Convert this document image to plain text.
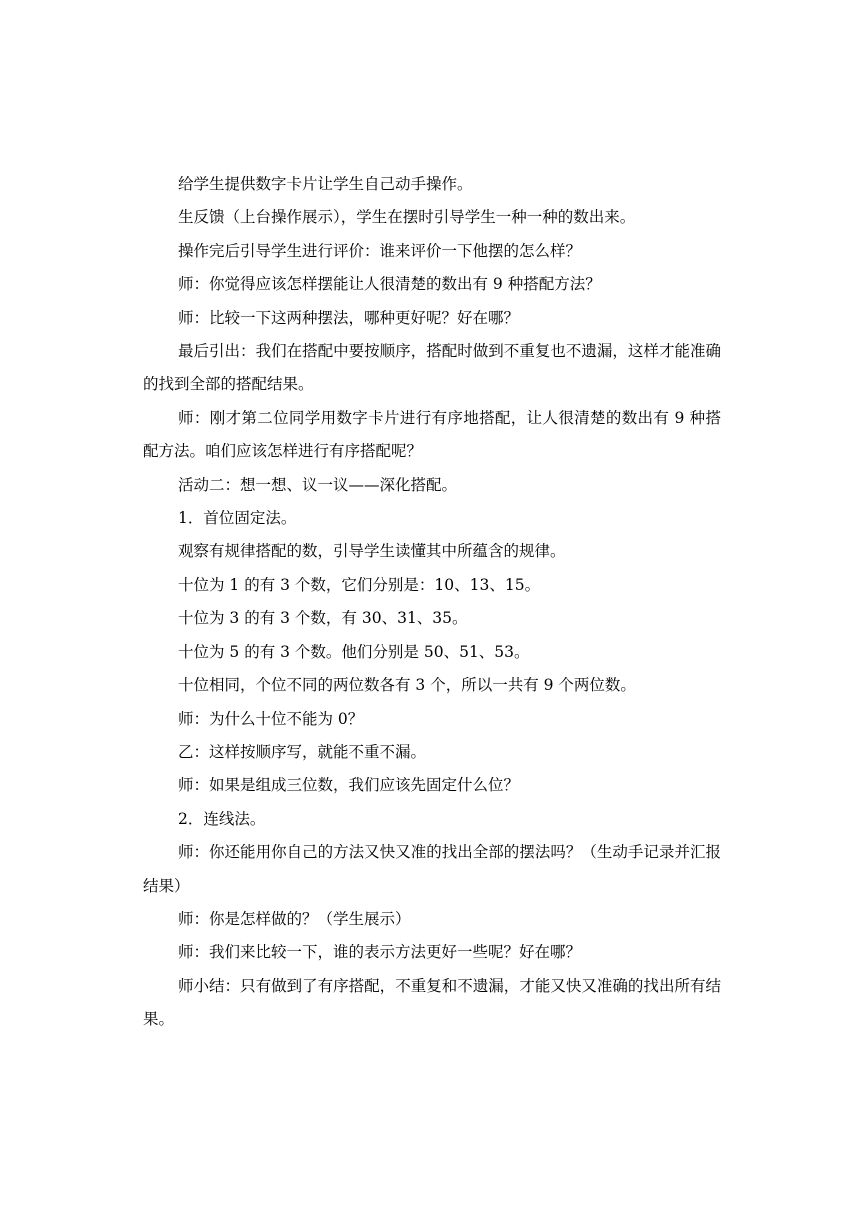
给学生提供数字卡片让学生自己动手操作。

生反馈（上台操作展示），学生在摆时引导学生一种一种的数出来。

操作完后引导学生进行评价：谁来评价一下他摆的怎么样？

师：你觉得应该怎样摆能让人很清楚的数出有 9 种搭配方法？

师：比较一下这两种摆法，哪种更好呢？好在哪？

最后引出：我们在搭配中要按顺序，搭配时做到不重复也不遗漏，这样才能准确的找到全部的搭配结果。

师：刚才第二位同学用数字卡片进行有序地搭配，让人很清楚的数出有 9 种搭配方法。咱们应该怎样进行有序搭配呢？

活动二：想一想、议一议——深化搭配。

1．首位固定法。

观察有规律搭配的数，引导学生读懂其中所蕴含的规律。

十位为 1 的有 3 个数，它们分别是：10、13、15。

十位为 3 的有 3 个数，有 30、31、35。

十位为 5 的有 3 个数。他们分别是 50、51、53。

十位相同，个位不同的两位数各有 3 个，所以一共有 9 个两位数。

师：为什么十位不能为 0？

乙：这样按顺序写，就能不重不漏。

师：如果是组成三位数，我们应该先固定什么位？

2．连线法。

师：你还能用你自己的方法又快又准的找出全部的摆法吗？（生动手记录并汇报结果）

师：你是怎样做的？（学生展示）

师：我们来比较一下，谁的表示方法更好一些呢？好在哪？

师小结：只有做到了有序搭配，不重复和不遗漏，才能又快又准确的找出所有结果。
